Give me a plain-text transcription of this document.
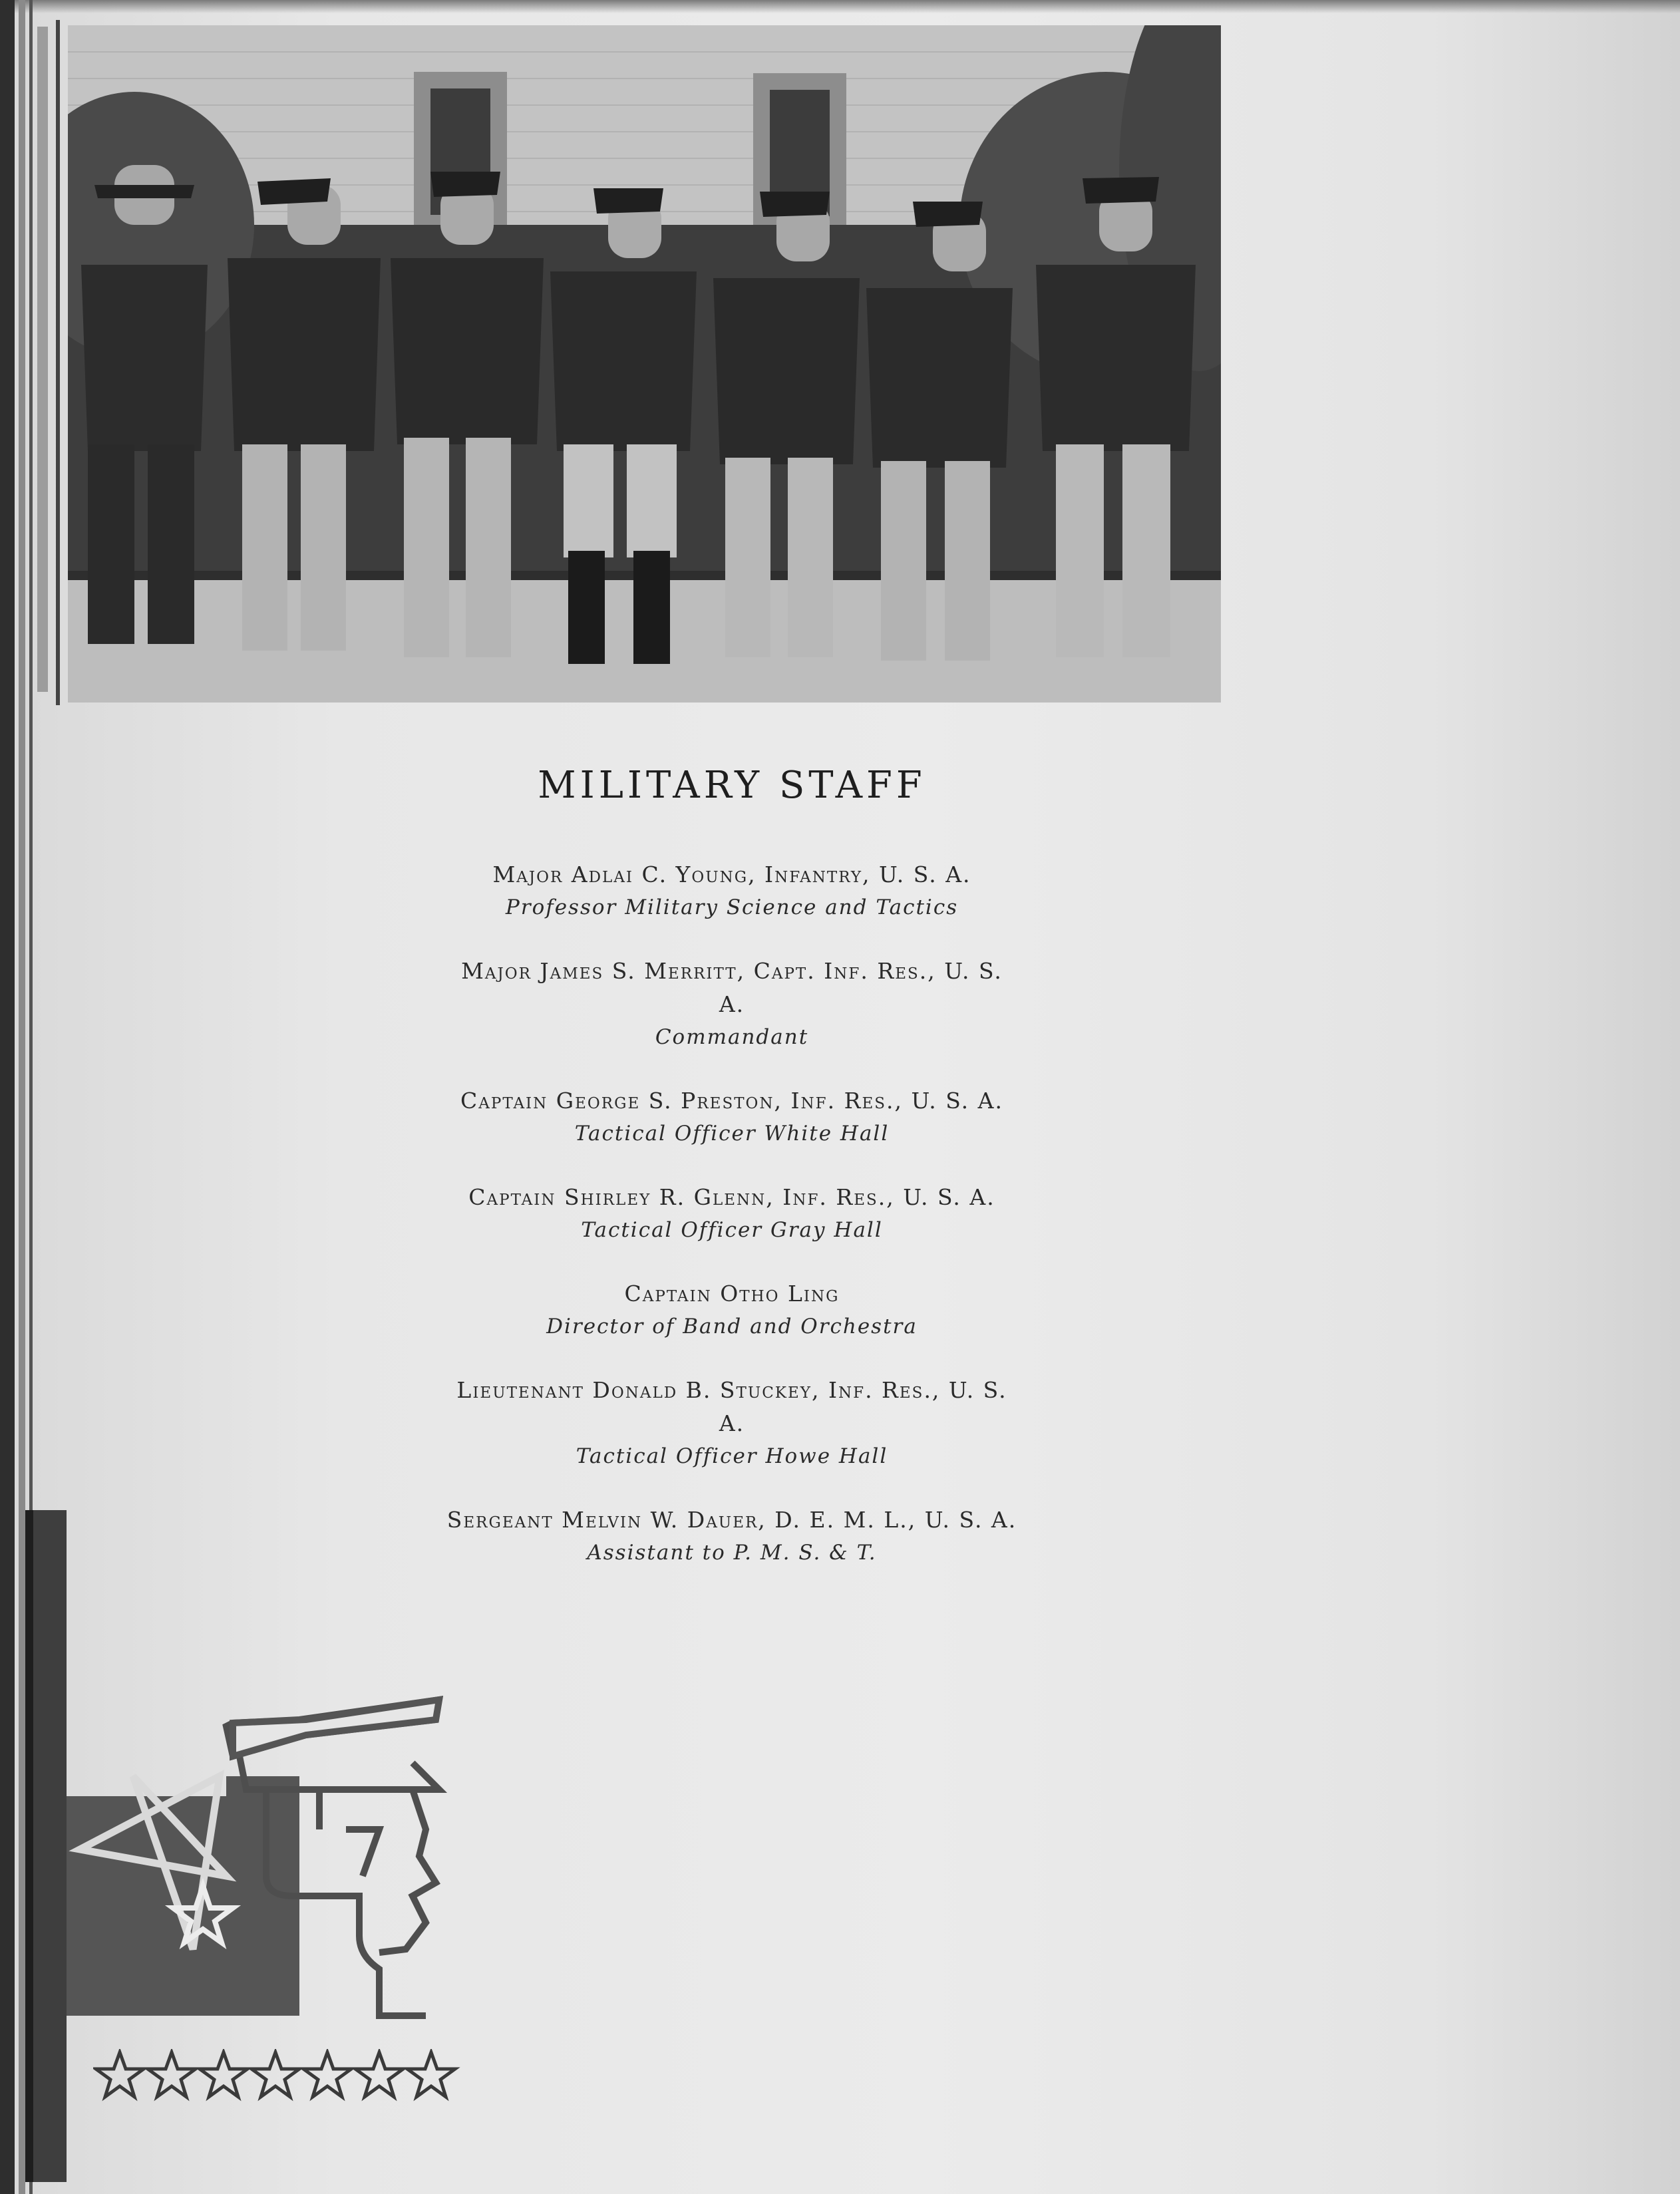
MILITARY STAFF
Major Adlai C. Young, Infantry, U. S. A.
Professor Military Science and Tactics
Major James S. Merritt, Capt. Inf. Res., U. S. A.
Commandant
Captain George S. Preston, Inf. Res., U. S. A.
Tactical Officer White Hall
Captain Shirley R. Glenn, Inf. Res., U. S. A.
Tactical Officer Gray Hall
Captain Otho Ling
Director of Band and Orchestra
Lieutenant Donald B. Stuckey, Inf. Res., U. S. A.
Tactical Officer Howe Hall
Sergeant Melvin W. Dauer, D. E. M. L., U. S. A.
Assistant to P. M. S. & T.
